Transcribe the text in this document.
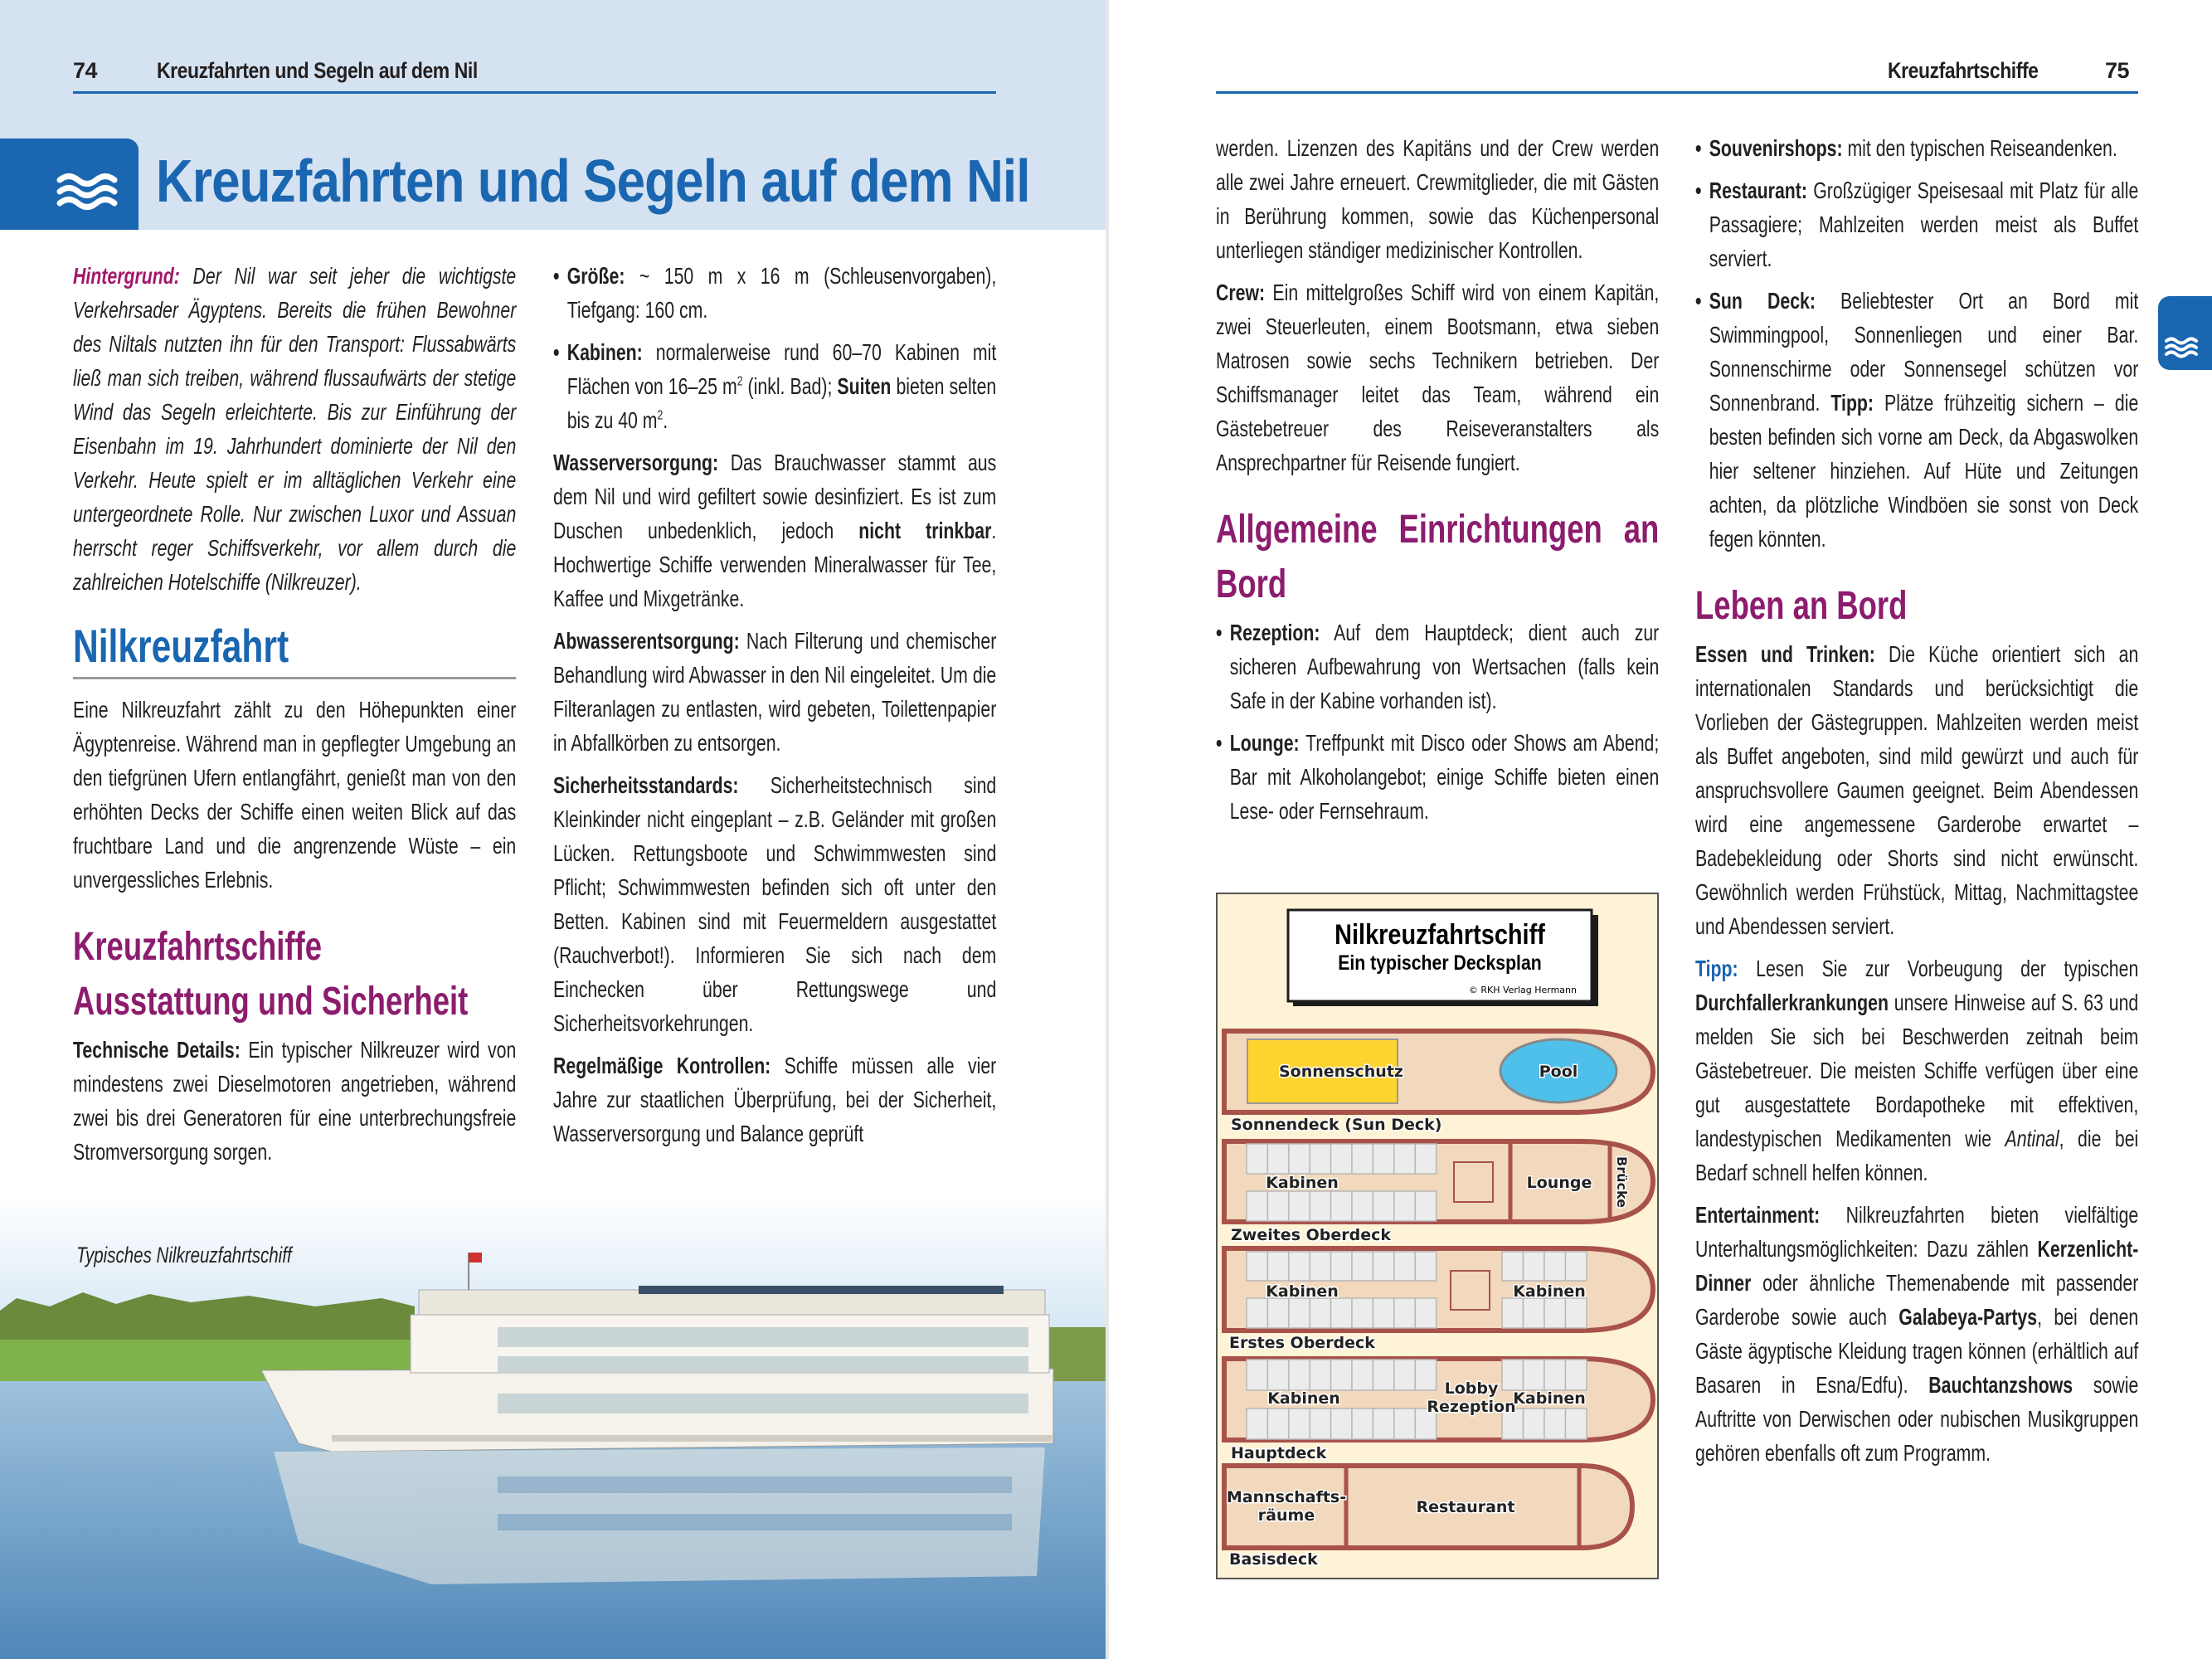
74	Kreuzfahrten und Segeln auf dem Nil
Kreuzfahrten und Segeln auf dem Nil

Hintergrund: Der Nil war seit jeher die wichtigste Verkehrsader Ägyptens. Bereits die frühen Bewohner des Niltals nutzten ihn für den Transport: Flussabwärts ließ man sich treiben, während flussaufwärts der stetige Wind das Segeln erleichterte. Bis zur Einführung der Eisenbahn im 19. Jahrhundert dominierte der Nil den Verkehr. Heute spielt er im alltäglichen Verkehr eine untergeordnete Rolle. Nur zwischen Luxor und Assuan herrscht reger Schiffsverkehr, vor allem durch die zahlreichen Hotelschiffe (Nilkreuzer).

Nilkreuzfahrt

Eine Nilkreuzfahrt zählt zu den Höhepunkten einer Ägyptenreise. Während man in gepflegter Umgebung an den tiefgrünen Ufern entlangfährt, genießt man von den erhöhten Decks der Schiffe einen weiten Blick auf das fruchtbare Land und die angrenzende Wüste – ein unvergessliches Erlebnis.

Kreuzfahrtschiffe
Ausstattung und Sicherheit

Technische Details: Ein typischer Nilkreuzer wird von mindestens zwei Dieselmotoren angetrieben, während zwei bis drei Generatoren für eine unterbrechungsfreie Stromversorgung sorgen.

• Größe: ~ 150 m x 16 m (Schleusenvorgaben), Tiefgang: 160 cm.

• Kabinen: normalerweise rund 60–70 Kabinen mit Flächen von 16–25 $m^2$ (inkl. Bad); Suiten bieten selten bis zu 40 $m^2$.

Wasserversorgung: Das Brauchwasser stammt aus dem Nil und wird gefiltert sowie desinfiziert. Es ist zum Duschen unbedenklich, jedoch nicht trinkbar. Hochwertige Schiffe verwenden Mineralwasser für Tee, Kaffee und Mixgetränke.

Abwasserentsorgung: Nach Filterung und chemischer Behandlung wird Abwasser in den Nil eingeleitet. Um die Filteranlagen zu entlasten, wird gebeten, Toilettenpapier in Abfallkörben zu entsorgen.

Sicherheitsstandards: Sicherheitstechnisch sind Kleinkinder nicht eingeplant – z.B. Geländer mit großen Lücken. Rettungsboote und Schwimmwesten sind Pflicht; Schwimmwesten befinden sich oft unter den Betten. Kabinen sind mit Feuermeldern ausgestattet (Rauchverbot!). Informieren Sie sich nach dem Einchecken über Rettungswege und Sicherheitsvorkehrungen.

Regelmäßige Kontrollen: Schiffe müssen alle vier Jahre zur staatlichen Überprüfung, bei der Sicherheit, Wasserversorgung und Balance geprüft

Typisches Nilkreuzfahrtschiff
Kreuzfahrtschiffe	75

werden. Lizenzen des Kapitäns und der Crew werden alle zwei Jahre erneuert. Crewmitglieder, die mit Gästen in Berührung kommen, sowie das Küchenpersonal unterliegen ständiger medizinischer Kontrollen.

Crew: Ein mittelgroßes Schiff wird von einem Kapitän, zwei Steuerleuten, einem Bootsmann, etwa sieben Matrosen sowie sechs Technikern betrieben. Der Schiffsmanager leitet das Team, während ein Gästebetreuer des Reiseveranstalters als Ansprechpartner für Reisende fungiert.

Allgemeine Einrichtungen an Bord

• Rezeption: Auf dem Hauptdeck; dient auch zur sicheren Aufbewahrung von Wertsachen (falls kein Safe in der Kabine vorhanden ist).

• Lounge: Treffpunkt mit Disco oder Shows am Abend; Bar mit Alkoholangebot; einige Schiffe bieten einen Lese- oder Fernsehraum.

• Souvenirshops: mit den typischen Reiseandenken.

• Restaurant: Großzügiger Speisesaal mit Platz für alle Passagiere; Mahlzeiten werden meist als Buffet serviert.

• Sun Deck: Beliebtester Ort an Bord mit Swimmingpool, Sonnenliegen und einer Bar. Sonnenschirme oder Sonnensegel schützen vor Sonnenbrand. Tipp: Plätze frühzeitig sichern – die besten befinden sich vorne am Deck, da Abgaswolken hier seltener hinziehen. Auf Hüte und Zeitungen achten, da plötzliche Windböen sie sonst von Deck fegen könnten.

Leben an Bord

Essen und Trinken: Die Küche orientiert sich an internationalen Standards und berücksichtigt die Vorlieben der Gästegruppen. Mahlzeiten werden meist als Buffet angeboten, sind mild gewürzt und auch für anspruchsvollere Gaumen geeignet. Beim Abendessen wird eine angemessene Garderobe erwartet – Badebekleidung oder Shorts sind nicht erwünscht. Gewöhnlich werden Frühstück, Mittag, Nachmittagstee und Abendessen serviert.

Tipp: Lesen Sie zur Vorbeugung der typischen Durchfallerkrankungen unsere Hinweise auf S. 63 und melden Sie sich bei Beschwerden zeitnah beim Gästebetreuer. Die meisten Schiffe verfügen über eine gut ausgestattete Bordapotheke mit effektiven, landestypischen Medikamenten wie Antinal, die bei Bedarf schnell helfen können.

Entertainment: Nilkreuzfahrten bieten vielfältige Unterhaltungsmöglichkeiten: Dazu zählen Kerzenlicht-Dinner oder ähnliche Themenabende mit passender Garderobe sowie auch Galabeya-Partys, bei denen Gäste ägyptische Kleidung tragen können (erhältlich auf Basaren in Esna/Edfu). Bauchtanzshows sowie Auftritte von Derwischen oder nubischen Musikgruppen gehören ebenfalls oft zum Programm.

Nilkreuzfahrtschiff
Ein typischer Decksplan
© RKH Verlag Hermann
Sonnenschutz	Pool
Sonnendeck (Sun Deck)
Kabinen	Lounge Brücke
Zweites Oberdeck
Kabinen	Kabinen
Erstes Oberdeck
Kabinen
Lobby
Rezeption
Kabinen
Hauptdeck
Mannschafts-
räume	Restaurant
Basisdeck
